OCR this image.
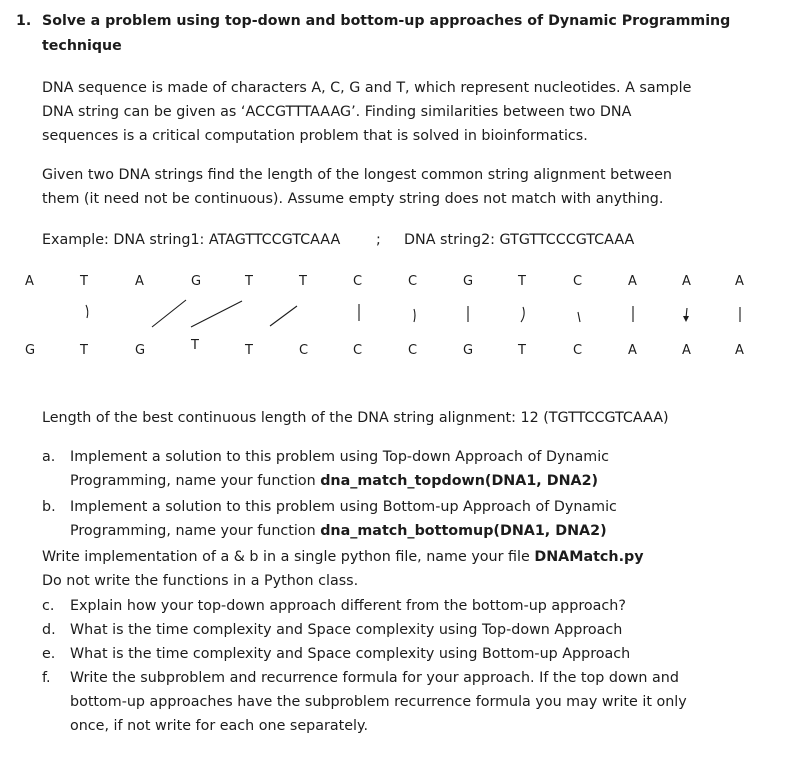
1. Solve a problem using top-down and bottom-up approaches of Dynamic Programming
technique
DNA sequence is made of characters A, C, G and T, which represent nucleotides. A sample
DNA string can be given as ‘ACCGTTTAAAG’. Finding similarities between two DNA
sequences is a critical computation problem that is solved in bioinformatics.
Given two DNA strings find the length of the longest common string alignment between
them (it need not be continuous). Assume empty string does not match with anything.
Example: DNA string1: ATAGTTCCGTCAAA	; DNA string2: GTGTTCCCGTCAAA
A	T	A	G	T	T	C	C	G	T	C	A	A	A
G	T	G	T	T	C	C	C	G	T	C	A	A	A
Length of the best continuous length of the DNA string alignment: 12 (TGTTCCGTCAAA)
a. Implement a solution to this problem using Top-down Approach of Dynamic
Programming, name your function dna_match_topdown(DNA1, DNA2)
b. Implement a solution to this problem using Bottom-up Approach of Dynamic
Programming, name your function dna_match_bottomup(DNA1, DNA2)
Write implementation of a & b in a single python file, name your file DNAMatch.py
Do not write the functions in a Python class.
c. Explain how your top-down approach different from the bottom-up approach?
d. What is the time complexity and Space complexity using Top-down Approach
e. What is the time complexity and Space complexity using Bottom-up Approach
f. Write the subproblem and recurrence formula for your approach. If the top down and
bottom-up approaches have the subproblem recurrence formula you may write it only
once, if not write for each one separately.
